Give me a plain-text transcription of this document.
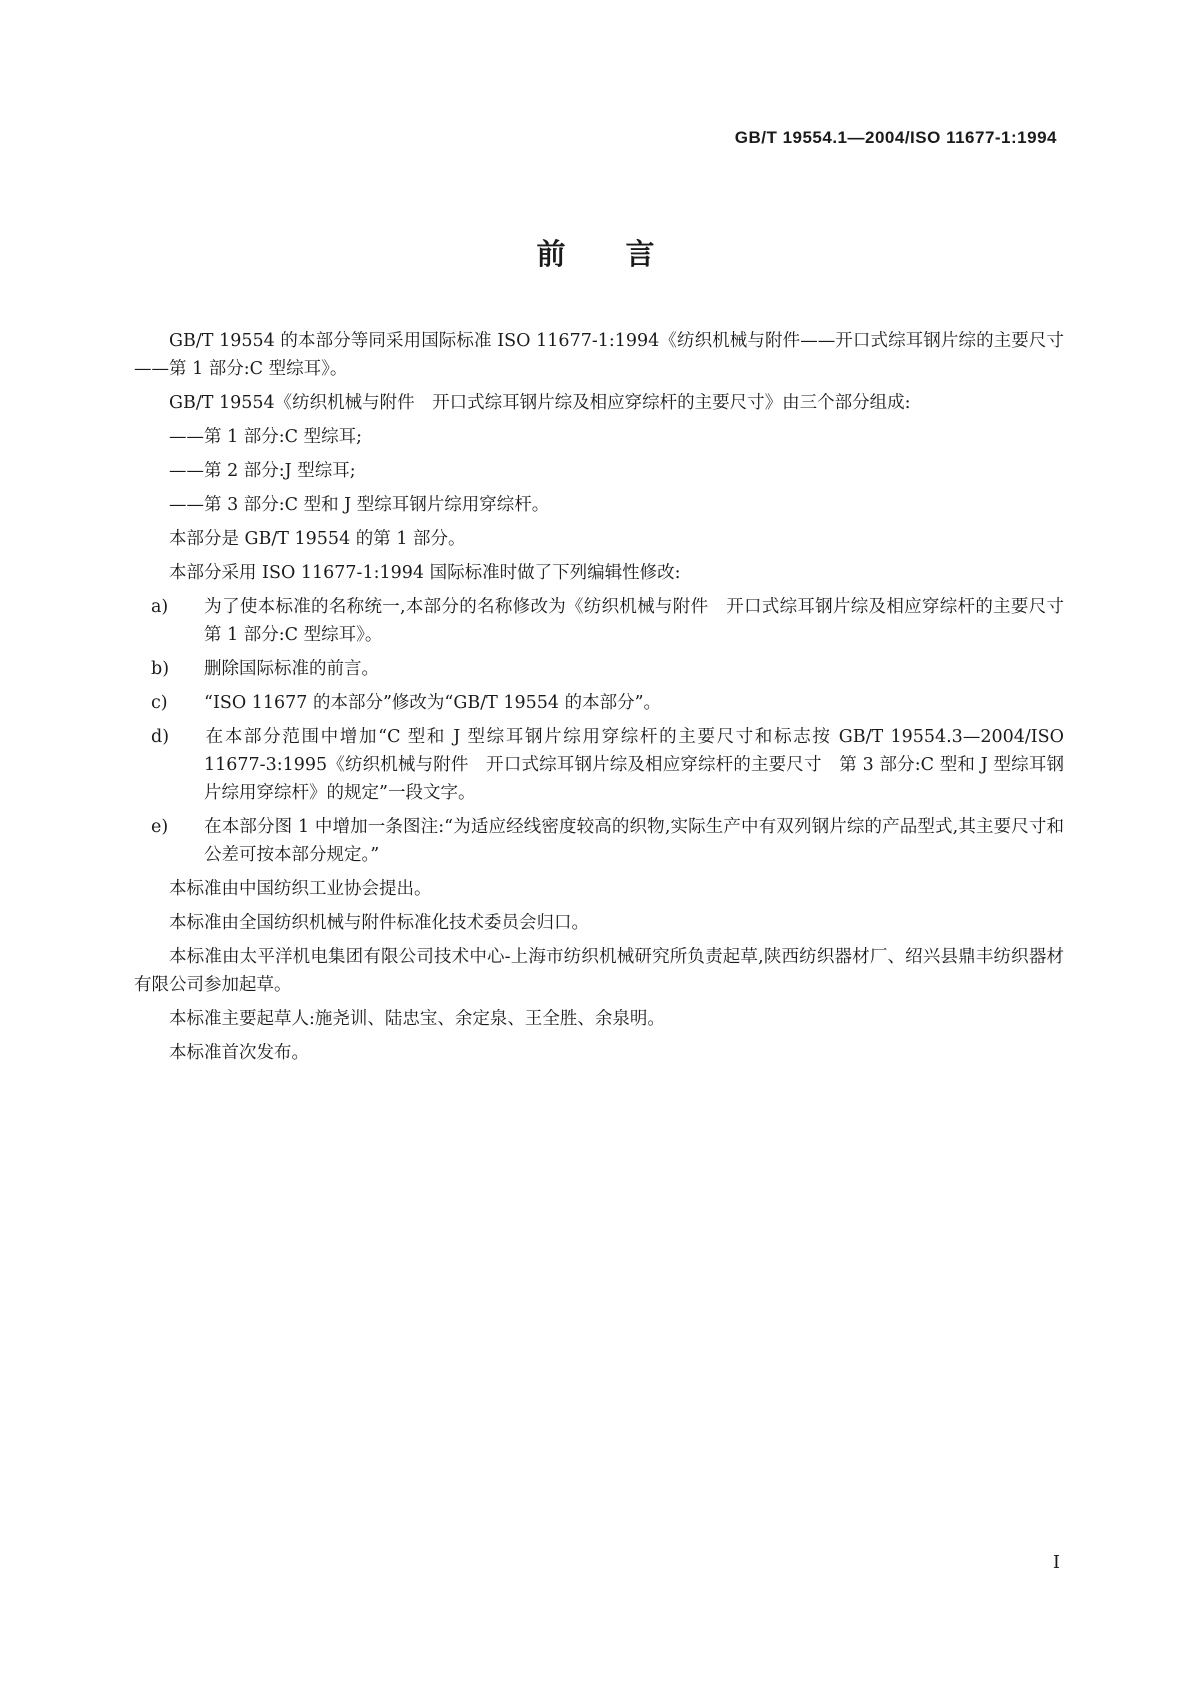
GB/T 19554.1—2004/ISO 11677-1:1994
前言

GB/T 19554 的本部分等同采用国际标准 ISO 11677-1:1994《纺织机械与附件——开口式综耳钢片综的主要尺寸——第 1 部分:C 型综耳》。

GB/T 19554《纺织机械与附件　开口式综耳钢片综及相应穿综杆的主要尺寸》由三个部分组成:

——第 1 部分:C 型综耳;

——第 2 部分:J 型综耳;

——第 3 部分:C 型和 J 型综耳钢片综用穿综杆。

本部分是 GB/T 19554 的第 1 部分。

本部分采用 ISO 11677-1:1994 国际标准时做了下列编辑性修改:

a) 为了使本标准的名称统一,本部分的名称修改为《纺织机械与附件　开口式综耳钢片综及相应穿综杆的主要尺寸　第 1 部分:C 型综耳》。

b) 删除国际标准的前言。

c) “ISO 11677 的本部分”修改为“GB/T 19554 的本部分”。

d) 在本部分范围中增加“C 型和 J 型综耳钢片综用穿综杆的主要尺寸和标志按 GB/T 19554.3—2004/ISO 11677-3:1995《纺织机械与附件　开口式综耳钢片综及相应穿综杆的主要尺寸　第 3 部分:C 型和 J 型综耳钢片综用穿综杆》的规定”一段文字。

e) 在本部分图 1 中增加一条图注:“为适应经线密度较高的织物,实际生产中有双列钢片综的产品型式,其主要尺寸和公差可按本部分规定。”

本标准由中国纺织工业协会提出。

本标准由全国纺织机械与附件标准化技术委员会归口。

本标准由太平洋机电集团有限公司技术中心-上海市纺织机械研究所负责起草,陕西纺织器材厂、绍兴县鼎丰纺织器材有限公司参加起草。

本标准主要起草人:施尧训、陆忠宝、余定泉、王全胜、余泉明。

本标准首次发布。

I
